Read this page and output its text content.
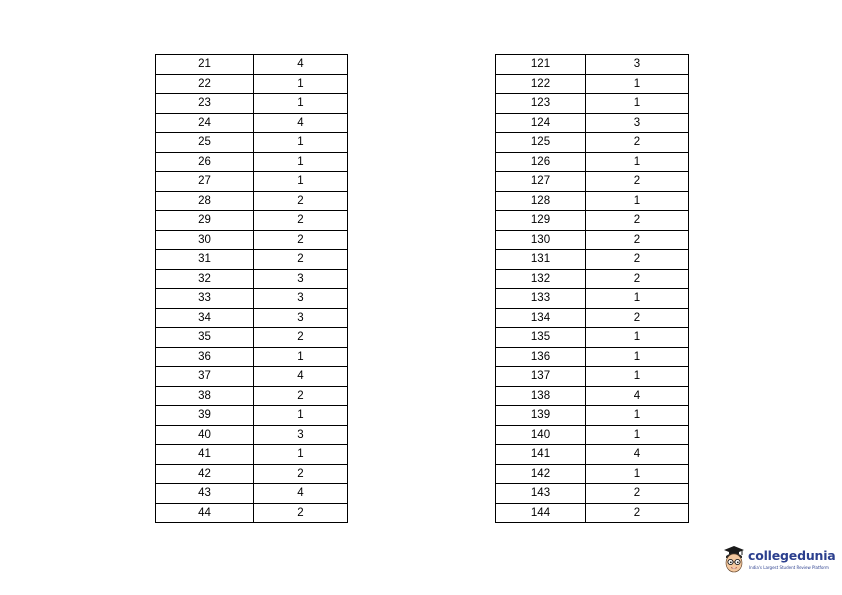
21	4
22	1
23	1
24	4
25	1
26	1
27	1
28	2
29	2
30	2
31	2
32	3
33	3
34	3
35	2
36	1
37	4
38	2
39	1
40	3
41	1
42	2
43	4
44	2
121	3
122	1
123	1
124	3
125	2
126	1
127	2
128	1
129	2
130	2
131	2
132	2
133	1
134	2
135	1
136	1
137	1
138	4
139	1
140	1
141	4
142	1
143	2
144	2
collegedunia
India's Largest Student Review Platform
